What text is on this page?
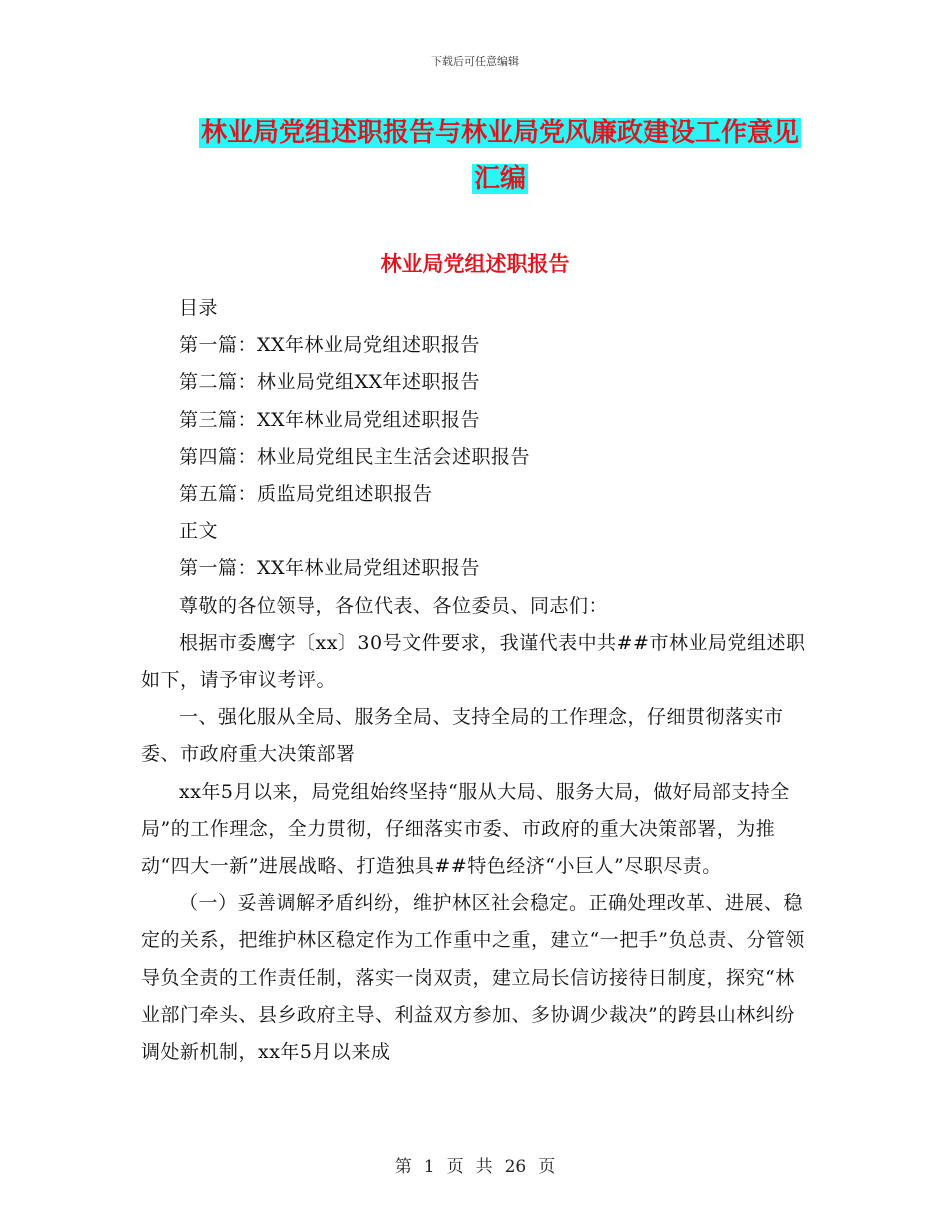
下载后可任意编辑
林业局党组述职报告与林业局党风廉政建设工作意见
汇编
林业局党组述职报告

目录

第一篇：XX年林业局党组述职报告

第二篇：林业局党组XX年述职报告

第三篇：XX年林业局党组述职报告

第四篇：林业局党组民主生活会述职报告

第五篇：质监局党组述职报告

正文

第一篇：XX年林业局党组述职报告

尊敬的各位领导，各位代表、各位委员、同志们：

根据市委鹰字〔xx〕30号文件要求，我谨代表中共##市林业局党组述职如下，请予审议考评。

一、强化服从全局、服务全局、支持全局的工作理念，仔细贯彻落实市委、市政府重大决策部署

xx年5月以来，局党组始终坚持“服从大局、服务大局，做好局部支持全局”的工作理念，全力贯彻，仔细落实市委、市政府的重大决策部署，为推动“四大一新”进展战略、打造独具##特色经济“小巨人”尽职尽责。

（一）妥善调解矛盾纠纷，维护林区社会稳定。正确处理改革、进展、稳定的关系，把维护林区稳定作为工作重中之重，建立“一把手”负总责、分管领导负全责的工作责任制，落实一岗双责，建立局长信访接待日制度，探究“林业部门牵头、县乡政府主导、利益双方参加、多协调少裁决”的跨县山林纠纷调处新机制，xx年5月以来成

第 1 页 共 26 页
